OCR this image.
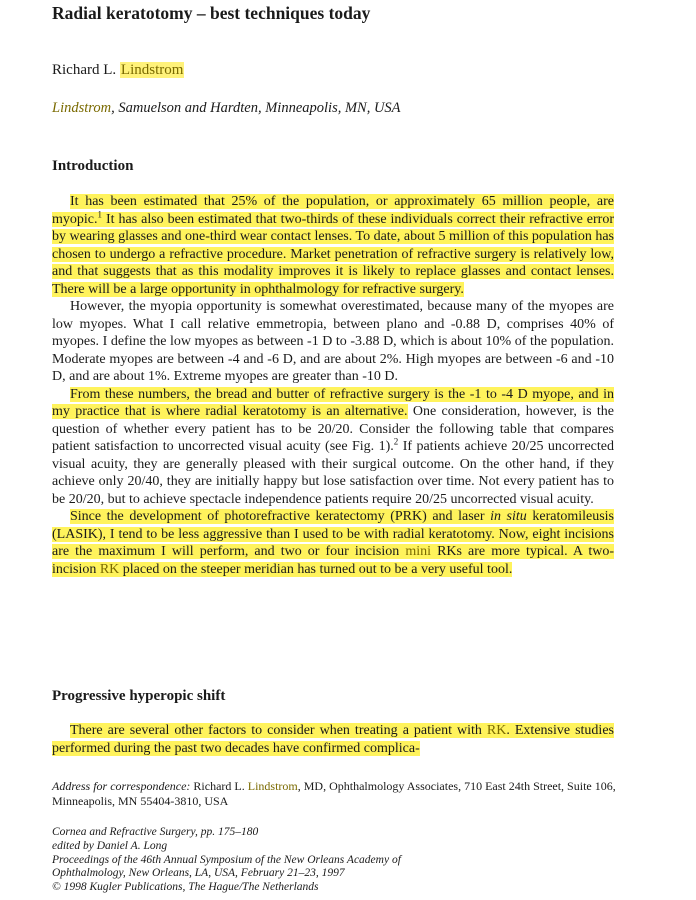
Radial keratotomy – best techniques today
Richard L. Lindstrom
Lindstrom, Samuelson and Hardten, Minneapolis, MN, USA
Introduction

It has been estimated that 25% of the population, or approximately 65 million people, are myopic.$^1$ It has also been estimated that two-thirds of these individuals correct their refractive error by wearing glasses and one-third wear contact lenses. To date, about 5 million of this population has chosen to undergo a refractive procedure. Market penetration of refractive surgery is relatively low, and that suggests that as this modality improves it is likely to replace glasses and contact lenses. There will be a large opportunity in ophthalmology for refractive surgery.

However, the myopia opportunity is somewhat overestimated, because many of the myopes are low myopes. What I call relative emmetropia, between plano and -0.88 D, comprises 40% of myopes. I define the low myopes as between -1 D to -3.88 D, which is about 10% of the population. Moderate myopes are between -4 and -6 D, and are about 2%. High myopes are between -6 and -10 D, and are about 1%. Extreme myopes are greater than -10 D.

From these numbers, the bread and butter of refractive surgery is the -1 to -4 D myope, and in my practice that is where radial keratotomy is an alternative. One consideration, however, is the question of whether every patient has to be 20/20. Consider the following table that compares patient satisfaction to uncorrected visual acuity (see Fig. 1).$^2$ If patients achieve 20/25 uncorrected visual acuity, they are generally pleased with their surgical outcome. On the other hand, if they achieve only 20/40, they are initially happy but lose satisfaction over time. Not every patient has to be 20/20, but to achieve spectacle independence patients require 20/25 uncorrected visual acuity.

Since the development of photorefractive keratectomy (PRK) and laser in situ keratomileusis (LASIK), I tend to be less aggressive than I used to be with radial keratotomy. Now, eight incisions are the maximum I will perform, and two or four incision mini RKs are more typical. A two-incision RK placed on the steeper meridian has turned out to be a very useful tool.

Progressive hyperopic shift

There are several other factors to consider when treating a patient with RK. Extensive studies performed during the past two decades have confirmed complica-

Address for correspondence: Richard L. Lindstrom, MD, Ophthalmology Associates, 710 East 24th Street, Suite 106, Minneapolis, MN 55404-3810, USA
Cornea and Refractive Surgery, pp. 175–180
edited by Daniel A. Long
Proceedings of the 46th Annual Symposium of the New Orleans Academy of
Ophthalmology, New Orleans, LA, USA, February 21–23, 1997
© 1998 Kugler Publications, The Hague/The Netherlands
